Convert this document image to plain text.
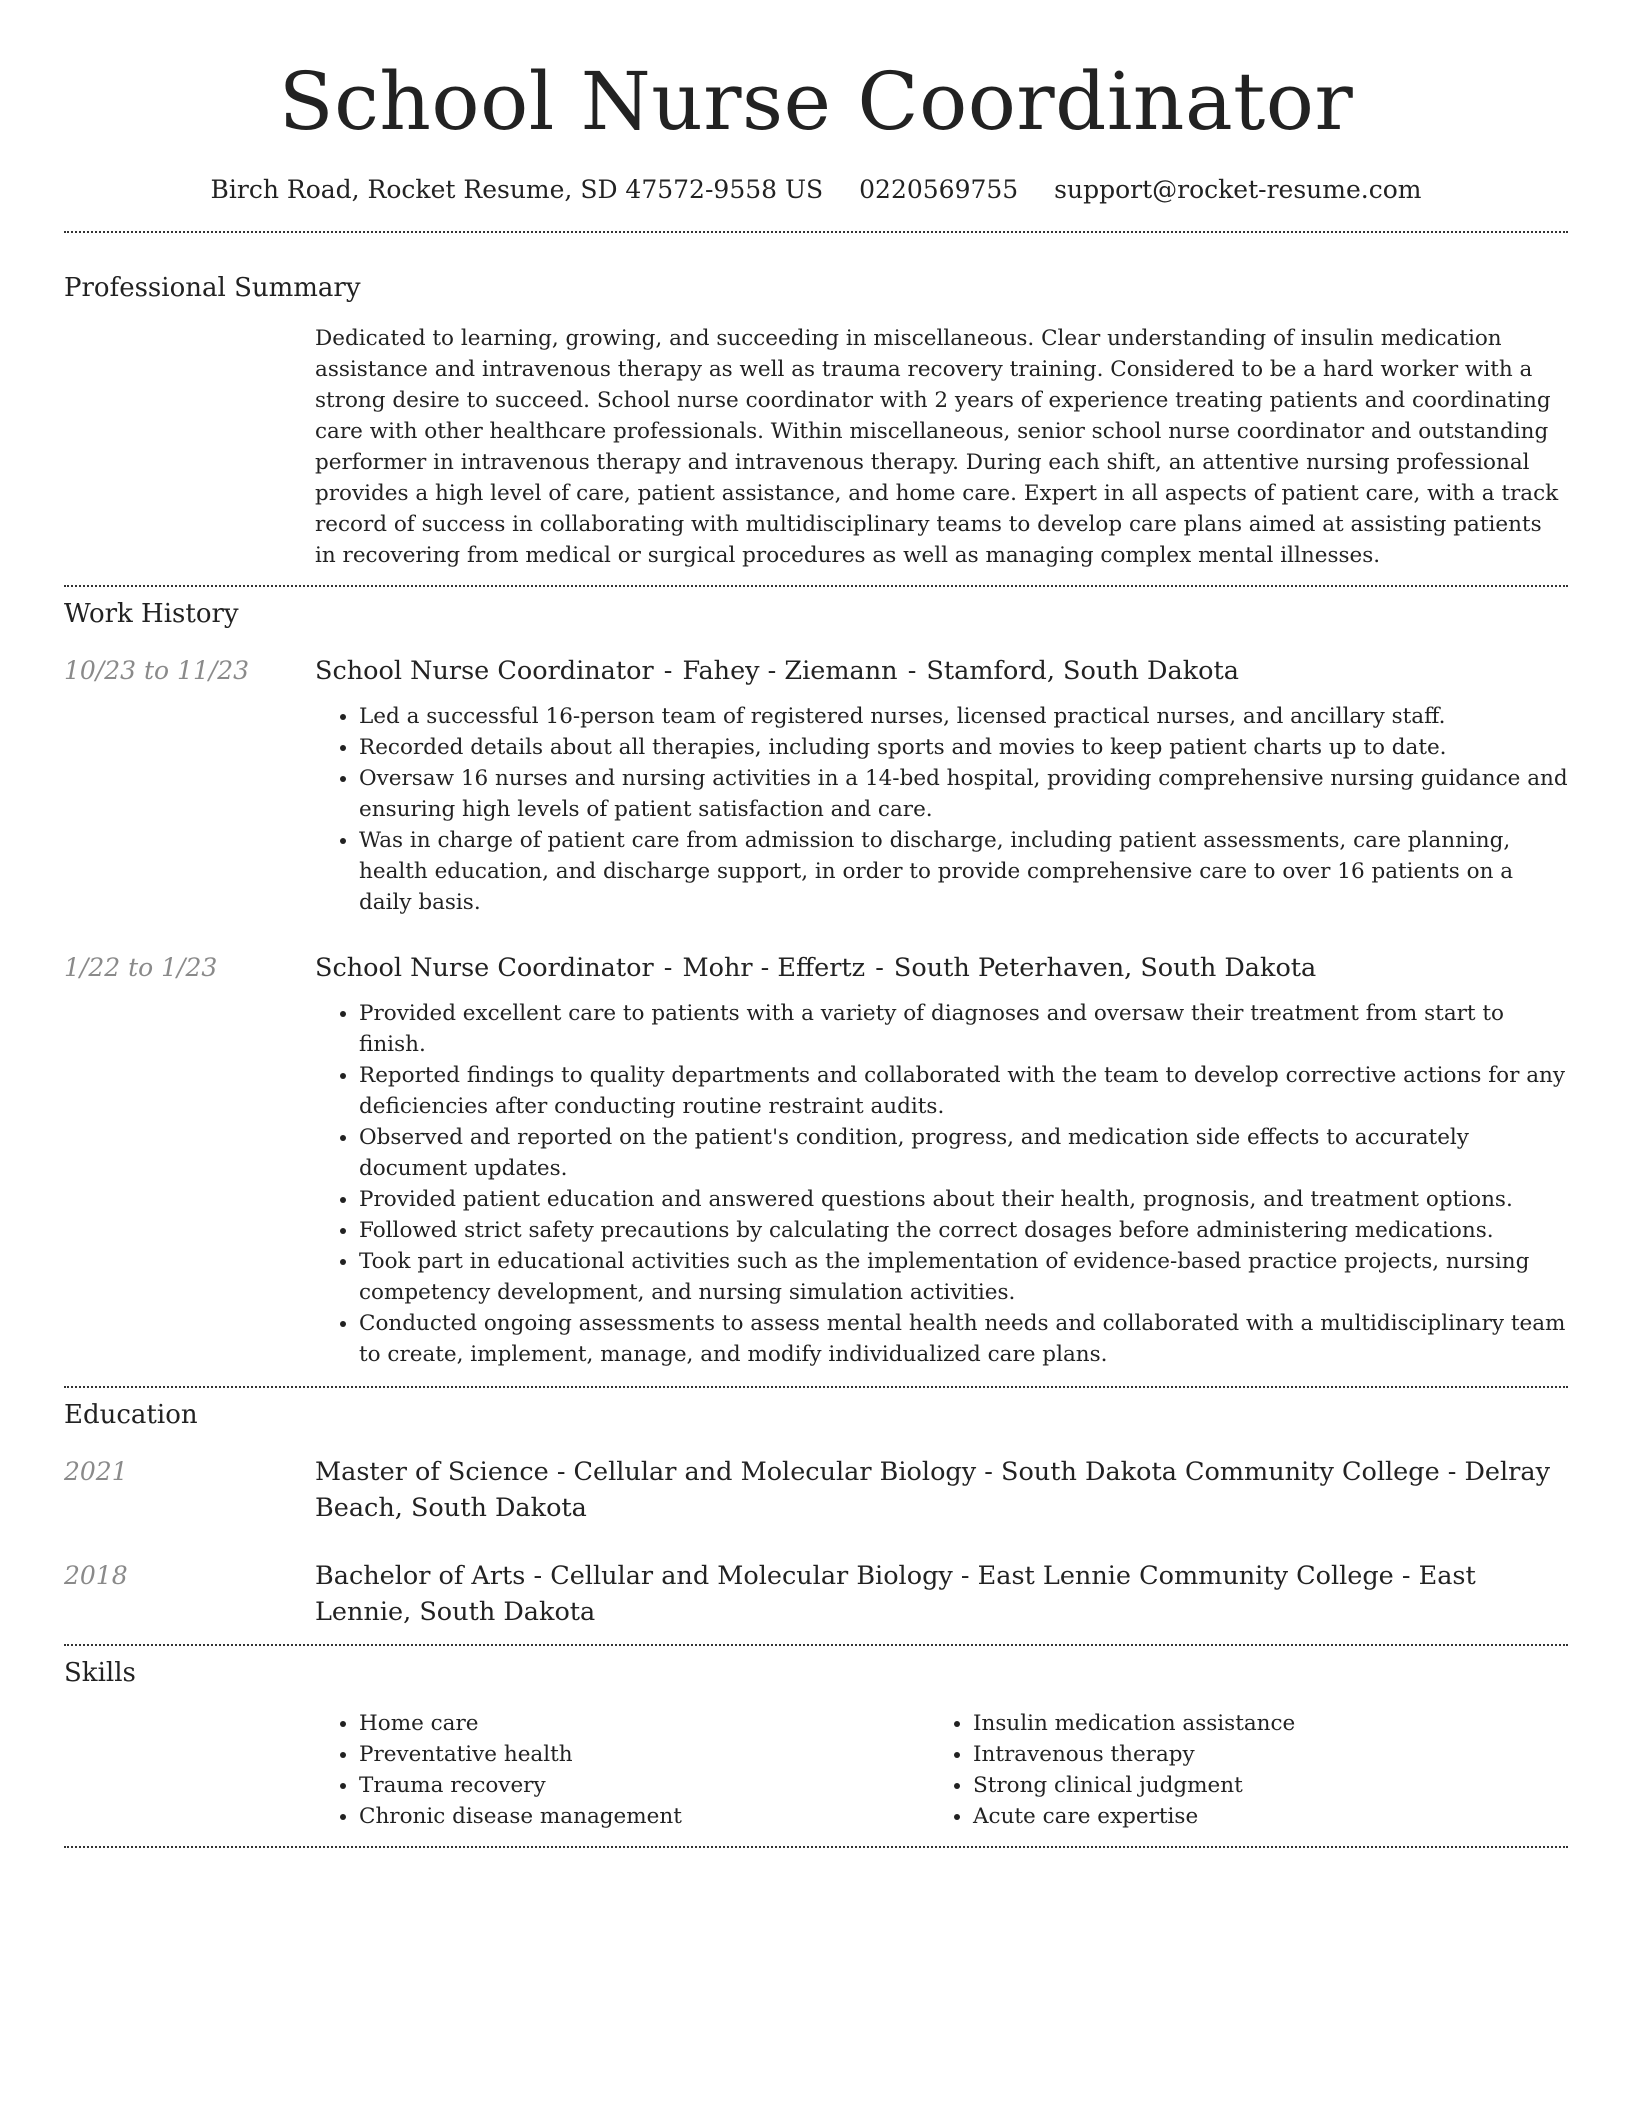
School Nurse Coordinator
Birch Road, Rocket Resume, SD 47572-9558 US 0220569755 support@rocket-resume.com
Professional Summary

Dedicated to learning, growing, and succeeding in miscellaneous. Clear understanding of insulin medication assistance and intravenous therapy as well as trauma recovery training. Considered to be a hard worker with a strong desire to succeed. School nurse coordinator with 2 years of experience treating patients and coordinating care with other healthcare professionals. Within miscellaneous, senior school nurse coordinator and outstanding performer in intravenous therapy and intravenous therapy. During each shift, an attentive nursing professional provides a high level of care, patient assistance, and home care. Expert in all aspects of patient care, with a track record of success in collaborating with multidisciplinary teams to develop care plans aimed at assisting patients in recovering from medical or surgical procedures as well as managing complex mental illnesses.

Work History
10/23 to 11/23	School Nurse Coordinator - Fahey - Ziemann - Stamford, South Dakota

• Led a successful 16-person team of registered nurses, licensed practical nurses, and ancillary staff.
• Recorded details about all therapies, including sports and movies to keep patient charts up to date.
• Oversaw 16 nurses and nursing activities in a 14-bed hospital, providing comprehensive nursing guidance and ensuring high levels of patient satisfaction and care.
• Was in charge of patient care from admission to discharge, including patient assessments, care planning, health education, and discharge support, in order to provide comprehensive care to over 16 patients on a daily basis.
1/22 to 1/23	School Nurse Coordinator - Mohr - Effertz - South Peterhaven, South Dakota

• Provided excellent care to patients with a variety of diagnoses and oversaw their treatment from start to finish.
• Reported findings to quality departments and collaborated with the team to develop corrective actions for any deficiencies after conducting routine restraint audits.
• Observed and reported on the patient's condition, progress, and medication side effects to accurately document updates.
• Provided patient education and answered questions about their health, prognosis, and treatment options.
• Followed strict safety precautions by calculating the correct dosages before administering medications.
• Took part in educational activities such as the implementation of evidence-based practice projects, nursing competency development, and nursing simulation activities.
• Conducted ongoing assessments to assess mental health needs and collaborated with a multidisciplinary team to create, implement, manage, and modify individualized care plans.
Education
2021	Master of Science - Cellular and Molecular Biology - South Dakota Community College - Delray Beach, South Dakota

2018	Bachelor of Arts - Cellular and Molecular Biology - East Lennie Community College - East Lennie, South Dakota

Skills
• Home care
• Preventative health
• Trauma recovery
• Chronic disease management
• Insulin medication assistance
• Intravenous therapy
• Strong clinical judgment
• Acute care expertise
